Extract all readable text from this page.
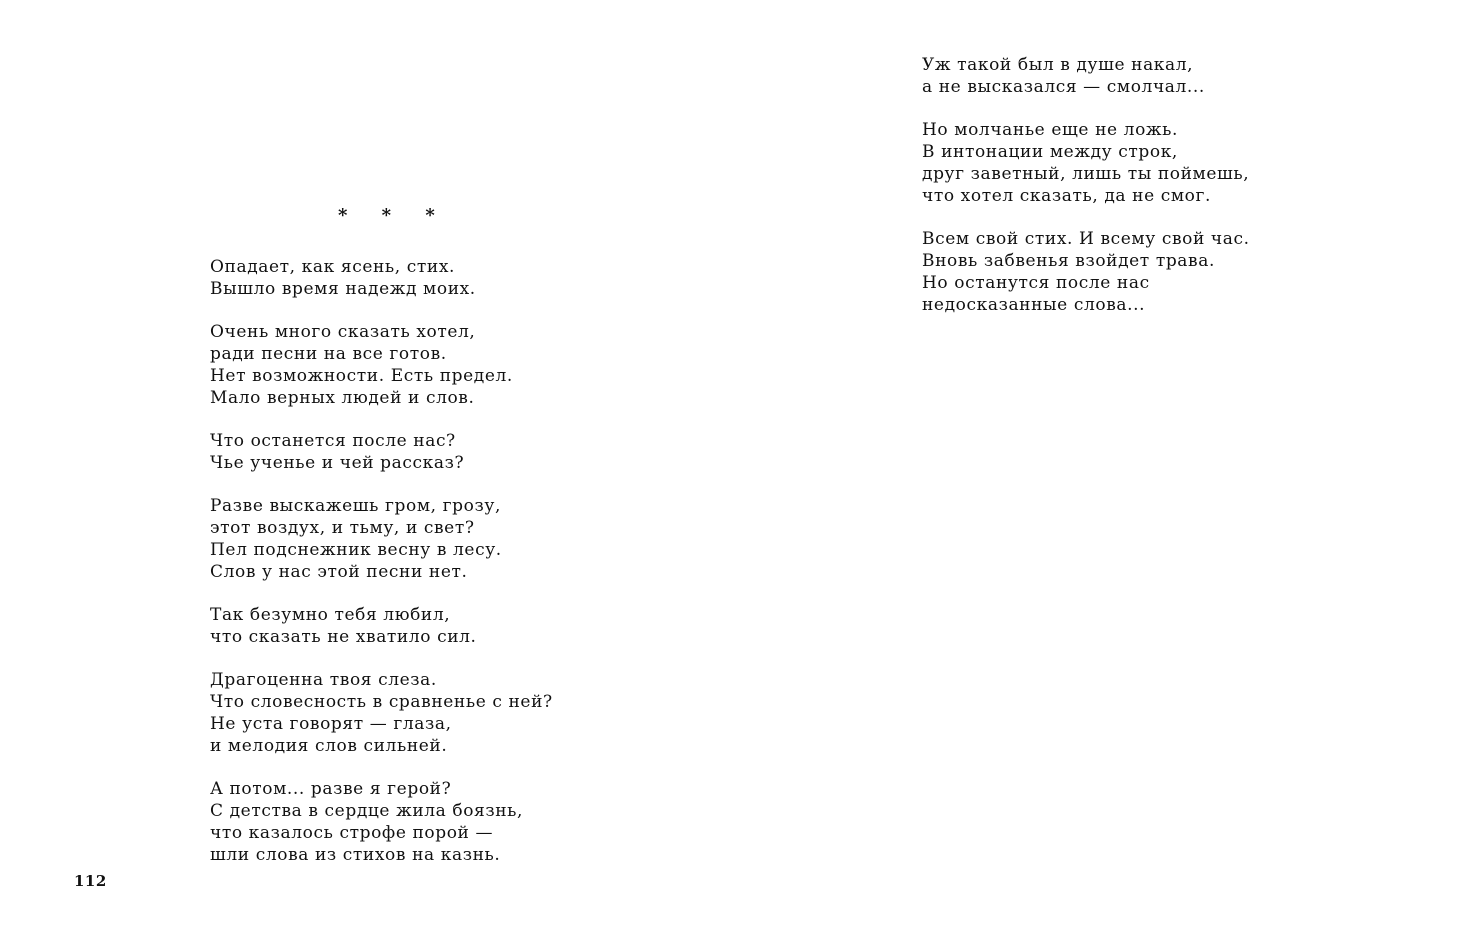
* * *
Опадает, как ясень, стих.
Вышло время надежд моих.
Очень много сказать хотел,
ради песни на все готов.
Нет возможности. Есть предел.
Мало верных людей и слов.
Что останется после нас?
Чье ученье и чей рассказ?
Разве выскажешь гром, грозу,
этот воздух, и тьму, и свет?
Пел подснежник весну в лесу.
Слов у нас этой песни нет.
Так безумно тебя любил,
что сказать не хватило сил.
Драгоценна твоя слеза.
Что словесность в сравненье с ней?
Не уста говорят — глаза,
и мелодия слов сильней.
А потом... разве я герой?
С детства в сердце жила боязнь,
что казалось строфе порой —
шли слова из стихов на казнь.
112
Уж такой был в душе накал,
а не высказался — смолчал...
Но молчанье еще не ложь.
В интонации между строк,
друг заветный, лишь ты поймешь,
что хотел сказать, да не смог.
Всем свой стих. И всему свой час.
Вновь забвенья взойдет трава.
Но останутся после нас
недосказанные слова...
